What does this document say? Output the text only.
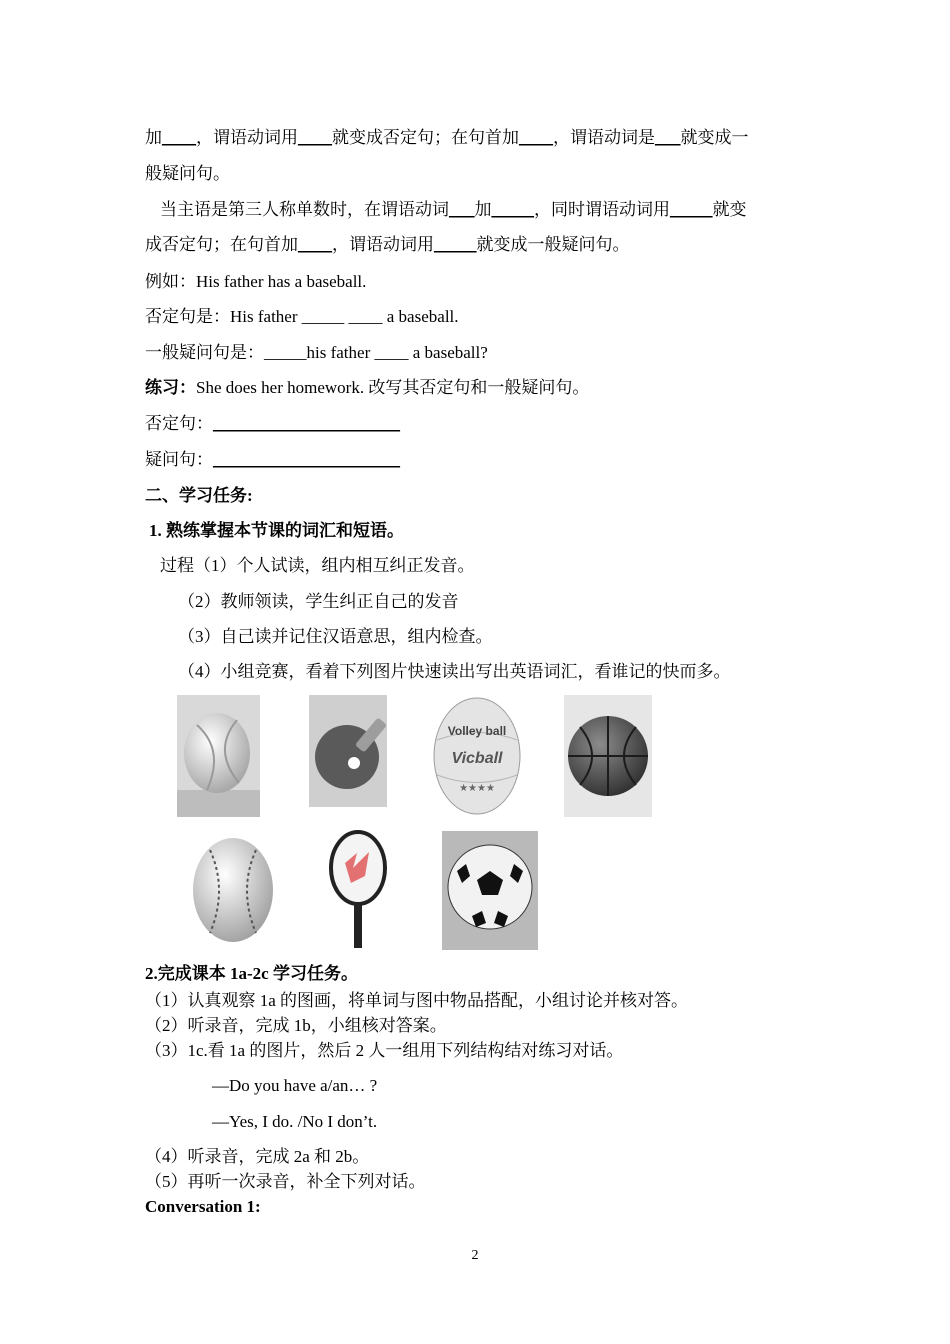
加____，谓语动词用____就变成否定句；在句首加____，谓语动词是___就变成一
般疑问句。
当主语是第三人称单数时，在谓语动词___加_____，同时谓语动词用_____就变
成否定句；在句首加____，谓语动词用_____就变成一般疑问句。
例如：His father has a baseball.
否定句是：His father _____ ____ a baseball.
一般疑问句是：_____his father ____ a baseball?
练习：She does her homework. 改写其否定句和一般疑问句。
否定句：______________________
疑问句：______________________
二、学习任务:
1. 熟练掌握本节课的词汇和短语。
过程（1）个人试读，组内相互纠正发音。
（2）教师领读，学生纠正自己的发音
（3）自己读并记住汉语意思，组内检查。
（4）小组竞赛，看着下列图片快速读出写出英语词汇，看谁记的快而多。
Volley ball
Vicball
★★★★
2.完成课本 1a-2c 学习任务。
（1）认真观察 1a 的图画，将单词与图中物品搭配，小组讨论并核对答。
（2）听录音，完成 1b，小组核对答案。
（3）1c.看 1a 的图片，然后 2 人一组用下列结构结对练习对话。
—Do you have a/an… ?
—Yes, I do. /No I don’t.
（4）听录音，完成 2a 和 2b。
（5）再听一次录音，补全下列对话。
Conversation 1:
2
